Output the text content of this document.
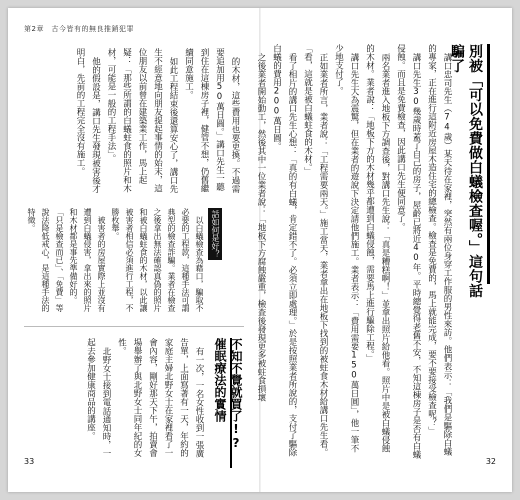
第2章　古今皆有的無良推銷犯罪

的木材，這些費用也要更換。不過需要追加用50萬日圓。」講口先生一聽到住在這棟房子裡，健管不想，仍舊繼續同意施工。

如此工程結束後還算安心了，講口先生不經意地向朋友提起事情的始末，這位朋友以前曾在建築業工作，馬上起疑：「那些所謂的白蟻蛀食的照片和木材，可能是一般的工程手法」。

他的假設是，講口先生發現被害後才明白，先前的工程完全沒有施工。

話如何是好？

以白蟻檢查為藉口，騙取不必要的工程款，這種手法可謂典型的檢查詐騙。業者在檢查之後拿出無法確認真偽的照片和被白蟻蛀食的木材，以此讓被害者相信必須進行工程，不勝枚舉。

被害者的房屋實際上並沒有遭到白蟻侵害，拿出來的照片和木材都是事先準備好的。「只是檢查而已」、「免費」等說法降低戒心，是這種手法的特徵。

不知不覺就買了!? 催眠療法的實情

有一次，一名女性收到一張廣告單，上面寫著有一天，年約的家庭主婦北野女士在家裡看了一會內容，剛好那天下午，拍賣會場舉辦了與北野女士同年紀的女性。

北野女士接到電話通知時，一起去參加健康商品的講座。

33
別被「可以免費做白蟻檢查喔。」這句話騙了

講口忠司先生（74歲）某天待在家裡，突然有兩位身穿工作服的男性來訪。他們表示：「我們是驅除白蟻的專家，正在進行這附近房屋木造住宅的總檢查。檢查是免費的，馬上就能完成，要不要接受檢查呢？」

講口先生30幾歲時蓋了自己的房子，屋齡已將近40年。平時總覺得老舊不安，不知這棟房子是否有白蟻侵蝕。而且是免費檢查，因此講口先生便同意了。

兩名業者進入地板下方調查後，對講口先生說：「真是糟糕啊！」並拿出照片給他看。照片中是被白蟻侵蝕的木材。業者說：「地板下方的木材幾乎都遭到白蟻侵蝕，需要馬上進行驅除工程。」

講口先生大為震驚，但在業者的遊說下決定請他們施工。業者表示：「費用需要150萬日圓」，他一筆不少地支付了。

正如業者所言，業者說：「工程需要兩天。」施工當天，業者拿出在地板下找到的被蛀食木材給講口先生看。「看，這就是被白蟻蛀食的木材。」

看了相片的講口先生心想：「真的有白蟻，肯定錯不了。必須立即處理。」於是按照業者所說的，支付了驅除白蟻的費用200萬日圓。

之後業者開始動工，然後其中一位業者說：「地板下方腐蝕嚴重，檢查後發現更多被蛀食損壞

32
